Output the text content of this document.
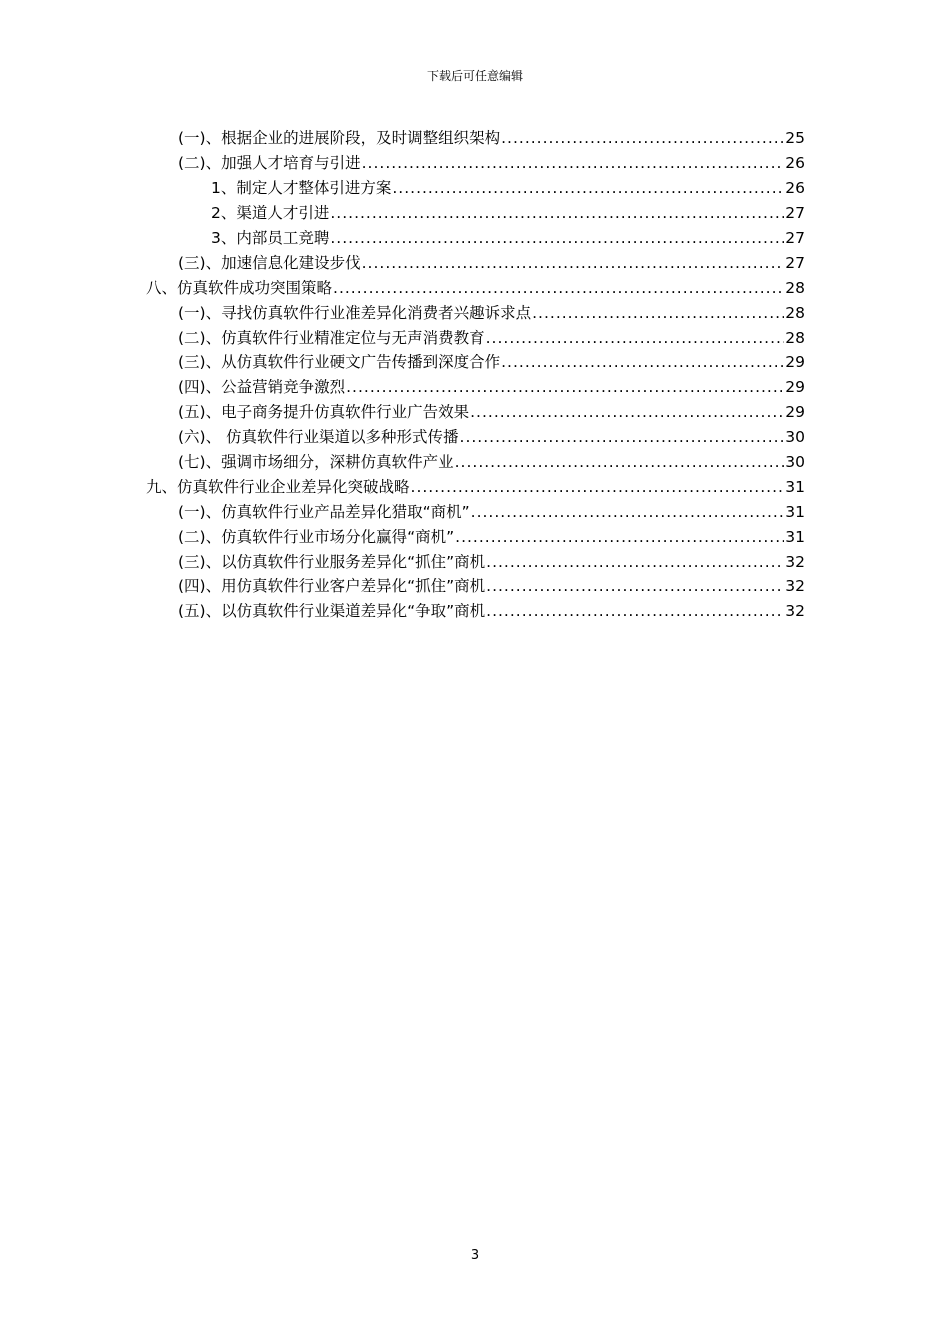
下载后可任意编辑
(一)、根据企业的进展阶段，及时调整组织架构 .....	25
(二)、加强人才培育与引进 .....	26
1、制定人才整体引进方案 .....	26
2、渠道人才引进 .....	27
3、内部员工竞聘 .....	27
(三)、加速信息化建设步伐 .....	27
八、仿真软件成功突围策略 .....	28
(一)、寻找仿真软件行业准差异化消费者兴趣诉求点 .....	28
(二)、仿真软件行业精准定位与无声消费教育 .....	28
(三)、从仿真软件行业硬文广告传播到深度合作 .....	29
(四)、公益营销竞争激烈 .....	29
(五)、电子商务提升仿真软件行业广告效果 .....	29
(六)、 仿真软件行业渠道以多种形式传播 .....	30
(七)、强调市场细分，深耕仿真软件产业 .....	30
九、仿真软件行业企业差异化突破战略 .....	31
(一)、仿真软件行业产品差异化猎取“商机” .....	31
(二)、仿真软件行业市场分化赢得“商机” .....	31
(三)、以仿真软件行业服务差异化“抓住”商机 .....	32
(四)、用仿真软件行业客户差异化“抓住”商机 .....	32
(五)、以仿真软件行业渠道差异化“争取”商机 .....	32
3
